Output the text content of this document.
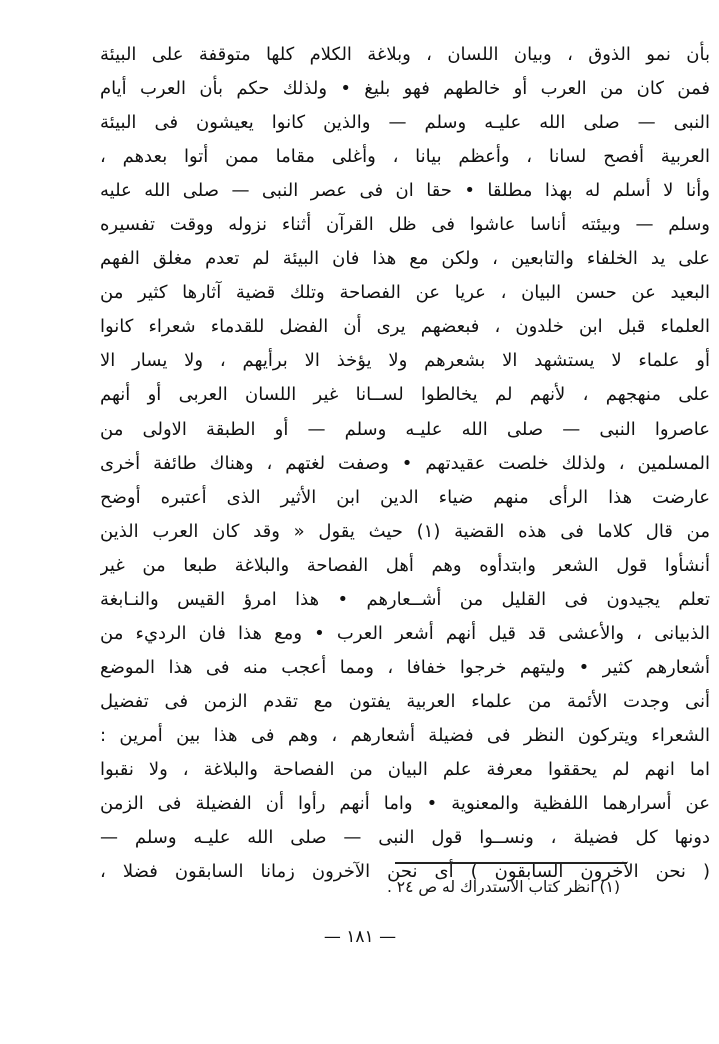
بأن نمو الذوق ، وبيان اللسان ، وبلاغة الكلام كلها متوقفة على البيئة
فمن كان من العرب أو خالطهم فهو بليغ • ولذلك حكم بأن العرب أيام
النبى — صلى الله عليـه وسلم — والذين كانوا يعيشون فى البيئة
العربية أفصح لسانا ، وأعظم بيانا ، وأغلى مقاما ممن أتوا بعدهم ،
وأنا لا أسلم له بهذا مطلقا • حقا ان فى عصر النبى — صلى الله عليه
وسلم — وبيئته أناسا عاشوا فى ظل القرآن أثناء نزوله ووقت تفسيره
على يد الخلفاء والتابعين ، ولكن مع هذا فان البيئة لم تعدم مغلق الفهم
البعيد عن حسن البيان ، عريا عن الفصاحة وتلك قضية آثارها كثير من
العلماء قبل ابن خلدون ، فبعضهم يرى أن الفضل للقدماء شعراء كانوا
أو علماء لا يستشهد الا بشعرهم ولا يؤخذ الا برأيهم ، ولا يسار الا
على منهجهم ، لأنهم لم يخالطوا لســانا غير اللسان العربى أو أنهم
عاصروا النبى — صلى الله عليـه وسلم — أو الطبقة الاولى من
المسلمين ، ولذلك خلصت عقيدتهم • وصفت لغتهم ، وهناك طائفة أخرى
عارضت هذا الرأى منهم ضياء الدين ابن الأثير الذى أعتبره أوضح
من قال كلاما فى هذه القضية (١) حيث يقول « وقد كان العرب الذين
أنشأوا قول الشعر وابتدأوه وهم أهل الفصاحة والبلاغة طبعا من غير
تعلم يجيدون فى القليل من أشــعارهم • هذا امرؤ القيس والنـابغة
الذبيانى ، والأعشى قد قيل أنهم أشعر العرب • ومع هذا فان الرديء من
أشعارهم كثير • وليتهم خرجوا خفافا ، ومما أعجب منه فى هذا الموضع
أنى وجدت الأئمة من علماء العربية يفتون مع تقدم الزمن فى تفضيل
الشعراء ويتركون النظر فى فضيلة أشعارهم ، وهم فى هذا بين أمرين :
اما انهم لم يحققوا معرفة علم البيان من الفصاحة والبلاغة ، ولا نقبوا
عن أسرارهما اللفظية والمعنوية • واما أنهم رأوا أن الفضيلة فى الزمن
دونها كل فضيلة ، ونســوا قول النبى — صلى الله عليـه وسلم —
( نحن الآخرون السابقون ) أى نحن الآخرون زمانا السابقون فضلا ،
(١) انظر كتاب الاستدراك له ص ٢٤ .
— ١٨١ —
